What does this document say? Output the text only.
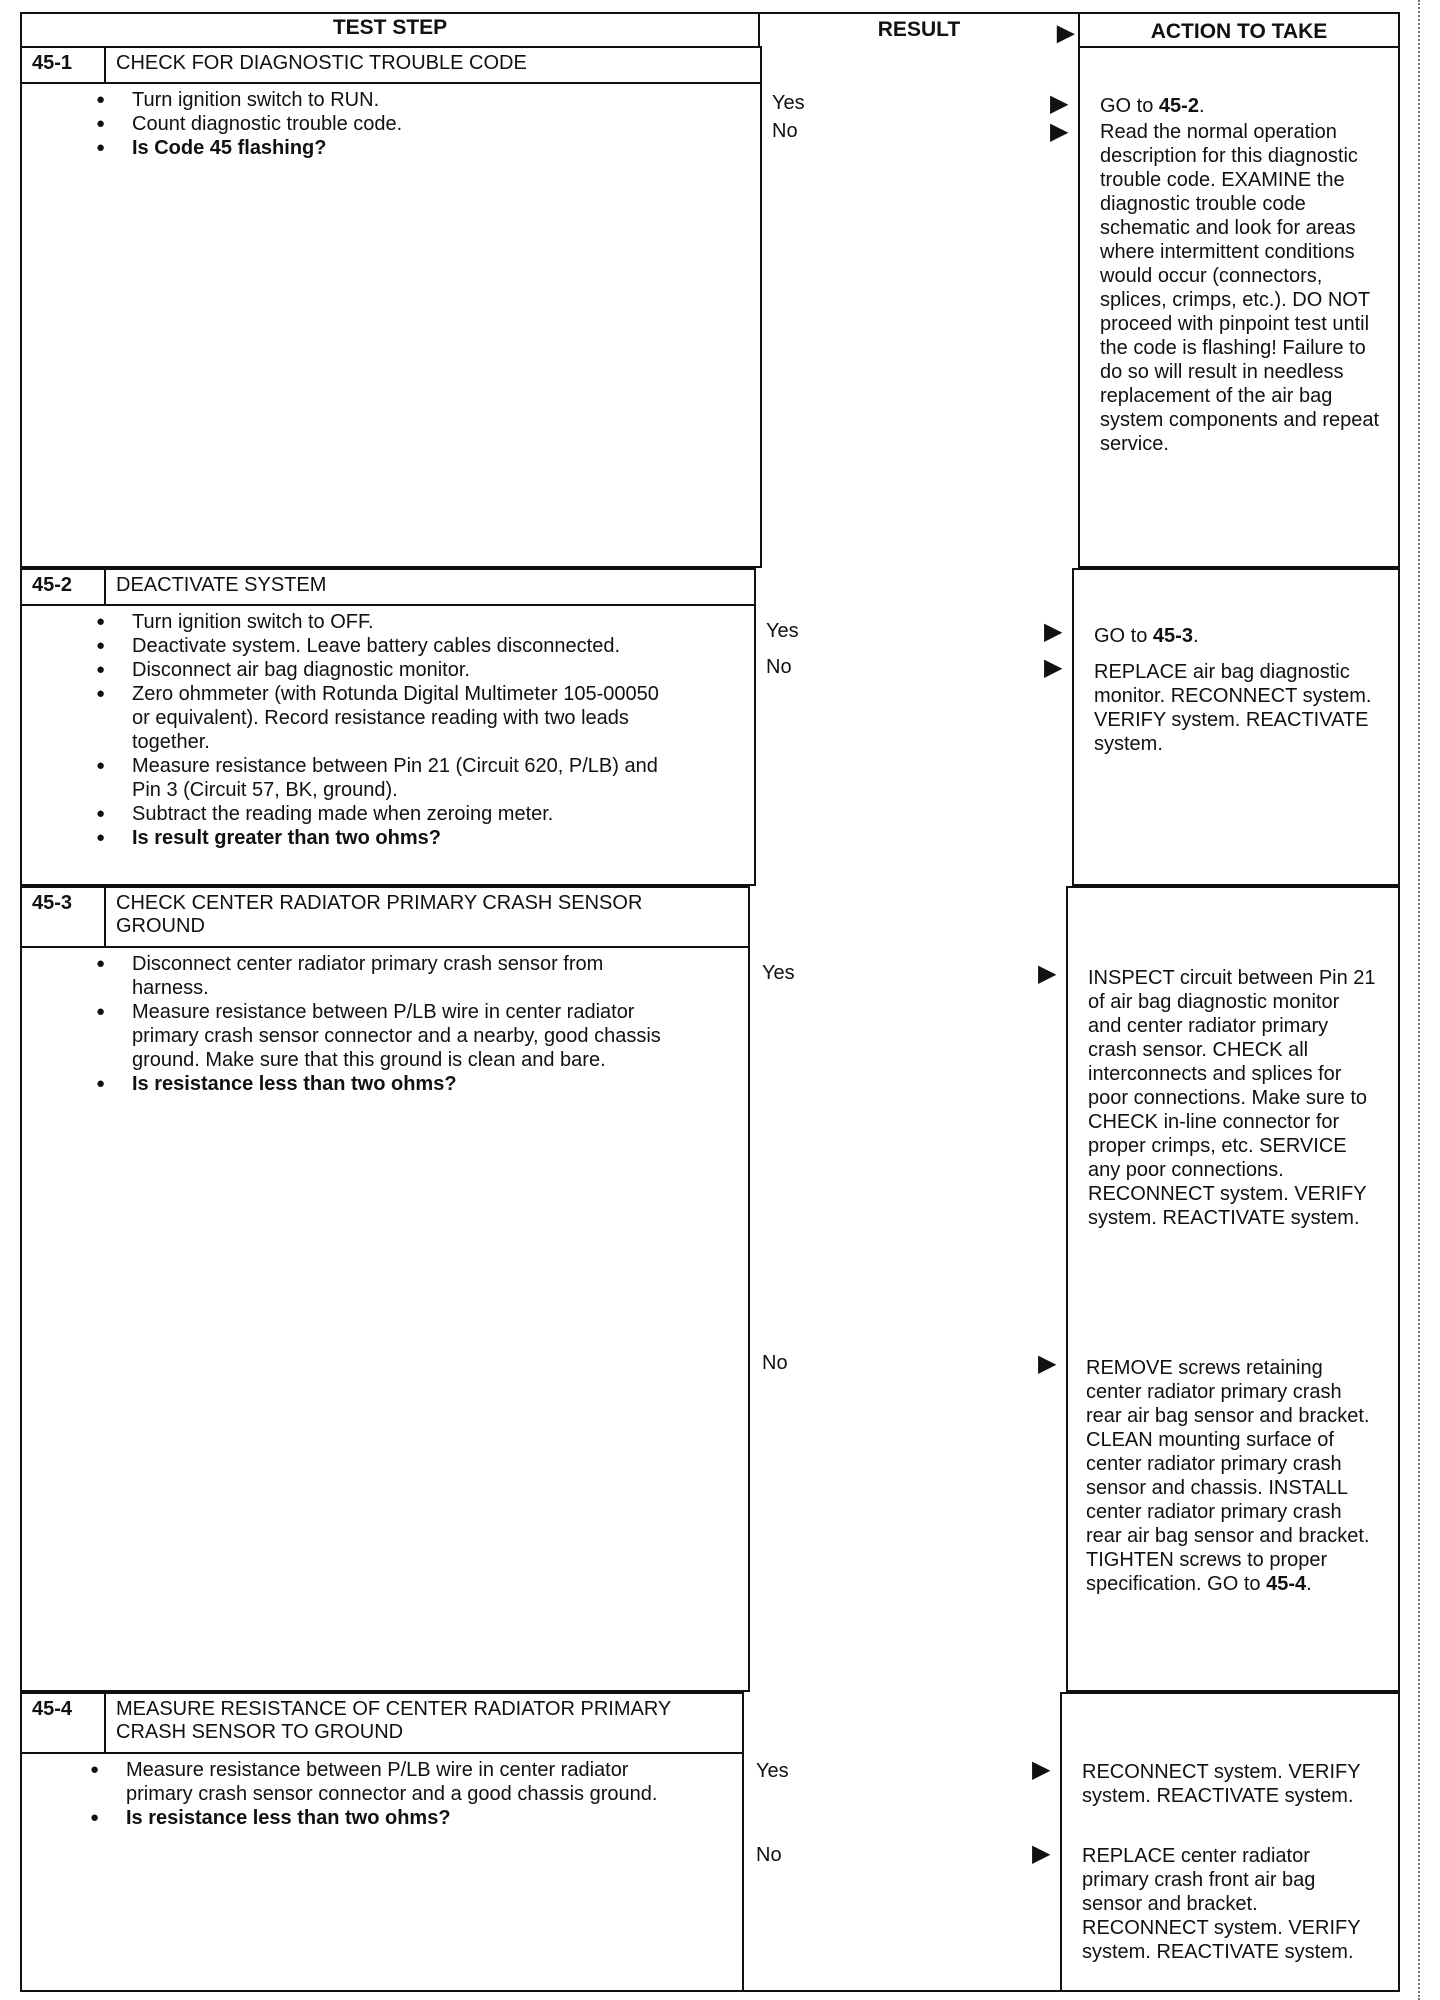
TEST STEP	RESULT	▶	ACTION TO TAKE
45-1	CHECK FOR DIAGNOSTIC TROUBLE CODE
● Turn ignition switch to RUN.
● Count diagnostic trouble code.
● Is Code 45 flashing?
Yes	▶ GO to 45-2.
No	▶ Read the normal operation description for this diagnostic trouble code. EXAMINE the diagnostic trouble code schematic and look for areas where intermittent conditions would occur (connectors, splices, crimps, etc.). DO NOT proceed with pinpoint test until the code is flashing! Failure to do so will result in needless replacement of the air bag system components and repeat service.
45-2	DEACTIVATE SYSTEM
● Turn ignition switch to OFF.
● Deactivate system. Leave battery cables disconnected.
● Disconnect air bag diagnostic monitor.
● Zero ohmmeter (with Rotunda Digital Multimeter 105-00050 or equivalent). Record resistance reading with two leads together.
● Measure resistance between Pin 21 (Circuit 620, P/LB) and Pin 3 (Circuit 57, BK, ground).
● Subtract the reading made when zeroing meter.
● Is result greater than two ohms?
Yes	▶ GO to 45-3.
No	▶ REPLACE air bag diagnostic monitor. RECONNECT system. VERIFY system. REACTIVATE system.
45-3	CHECK CENTER RADIATOR PRIMARY CRASH SENSOR GROUND
● Disconnect center radiator primary crash sensor from harness.
● Measure resistance between P/LB wire in center radiator primary crash sensor connector and a nearby, good chassis ground. Make sure that this ground is clean and bare.
● Is resistance less than two ohms?
Yes	▶ INSPECT circuit between Pin 21 of air bag diagnostic monitor and center radiator primary crash sensor. CHECK all interconnects and splices for poor connections. Make sure to CHECK in-line connector for proper crimps, etc. SERVICE any poor connections. RECONNECT system. VERIFY system. REACTIVATE system.
No	▶ REMOVE screws retaining center radiator primary crash rear air bag sensor and bracket. CLEAN mounting surface of center radiator primary crash sensor and chassis. INSTALL center radiator primary crash rear air bag sensor and bracket. TIGHTEN screws to proper specification. GO to 45-4.
45-4	MEASURE RESISTANCE OF CENTER RADIATOR PRIMARY CRASH SENSOR TO GROUND
● Measure resistance between P/LB wire in center radiator primary crash sensor connector and a good chassis ground.
● Is resistance less than two ohms?
Yes	▶ RECONNECT system. VERIFY system. REACTIVATE system.
No	▶ REPLACE center radiator primary crash front air bag sensor and bracket. RECONNECT system. VERIFY system. REACTIVATE system.
